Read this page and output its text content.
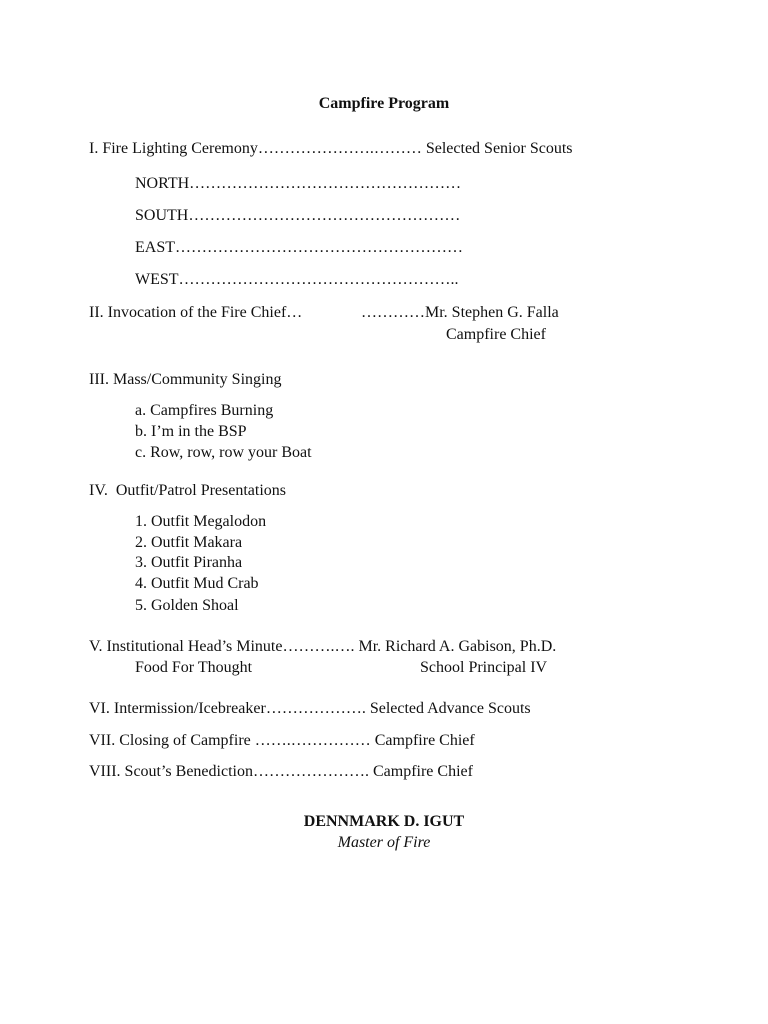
Campfire Program
I. Fire Lighting Ceremony………………….……… Selected Senior Scouts
NORTH……………………………………………
SOUTH……………………………………………
EAST………………………………………………
WEST……………………………………………..
II. Invocation of the Fire Chief…	…………Mr. Stephen G. Falla
Campfire Chief
III. Mass/Community Singing
a. Campfires Burning
b. I’m in the BSP
c. Row, row, row your Boat
IV.  Outfit/Patrol Presentations
1. Outfit Megalodon
2. Outfit Makara
3. Outfit Piranha
4. Outfit Mud Crab
5. Golden Shoal
V. Institutional Head’s Minute……….…. Mr. Richard A. Gabison, Ph.D.
Food For Thought	School Principal IV
VI. Intermission/Icebreaker………………. Selected Advance Scouts
VII. Closing of Campfire …….…………… Campfire Chief
VIII. Scout’s Benediction…………………. Campfire Chief
DENNMARK D. IGUT
Master of Fire
